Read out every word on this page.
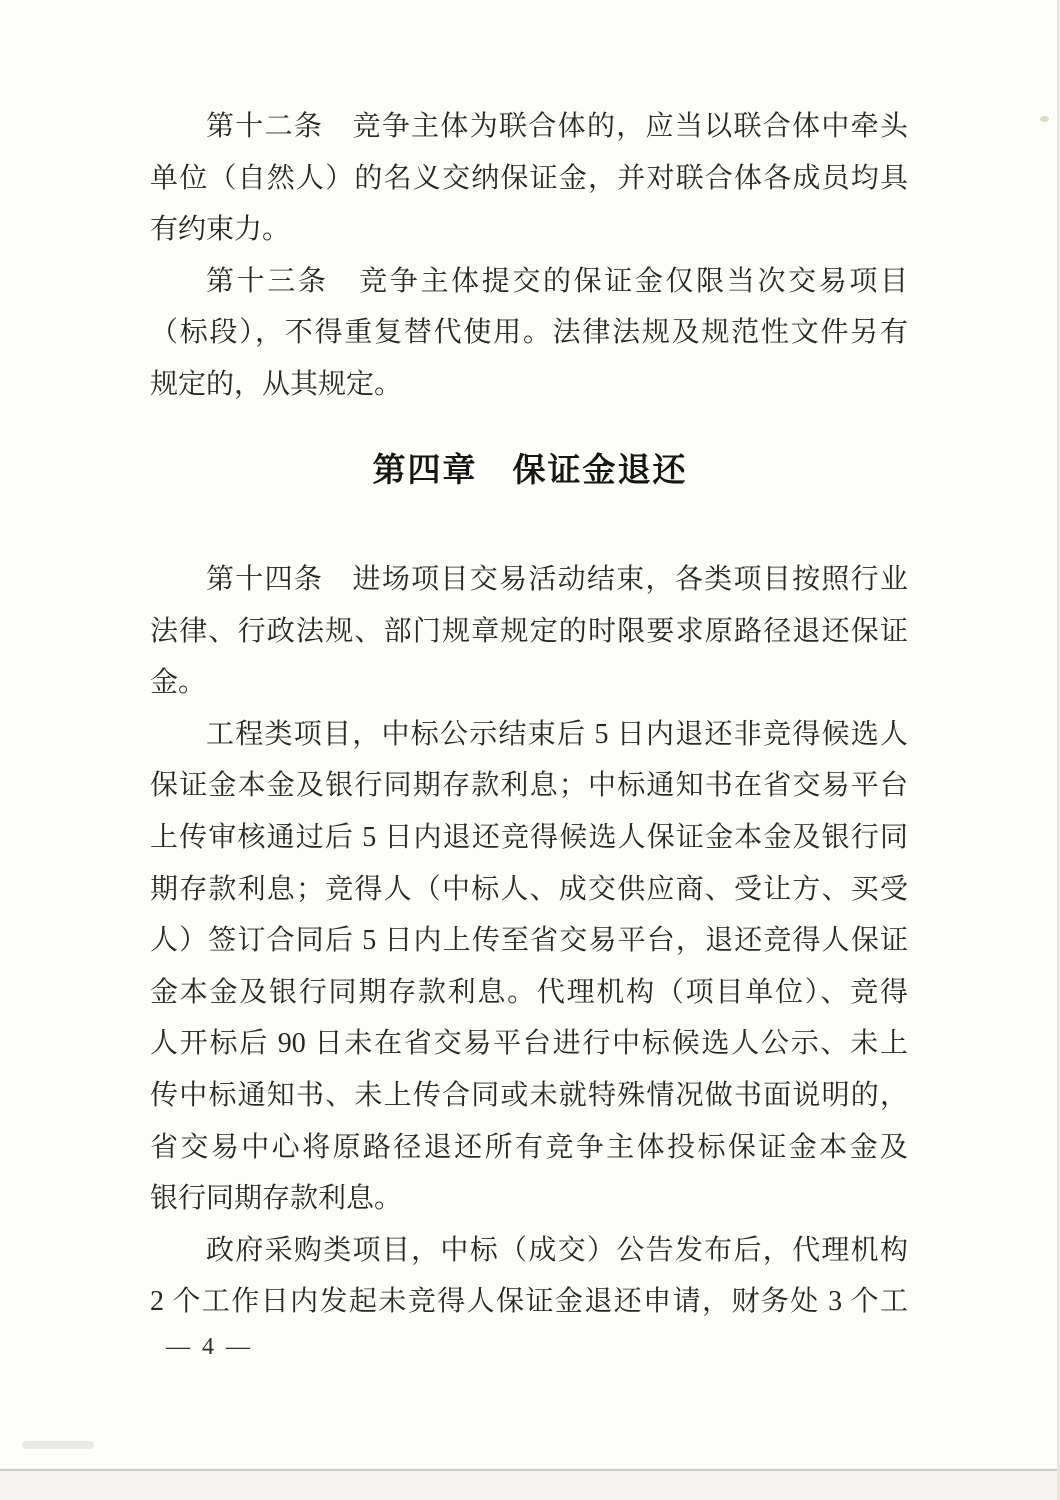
第十二条　竞争主体为联合体的，应当以联合体中牵头

单位（自然人）的名义交纳保证金，并对联合体各成员均具

有约束力。

第十三条　竞争主体提交的保证金仅限当次交易项目

（标段），不得重复替代使用。法律法规及规范性文件另有

规定的，从其规定。

第四章　保证金退还

第十四条　进场项目交易活动结束，各类项目按照行业

法律、行政法规、部门规章规定的时限要求原路径退还保证

金。

工程类项目，中标公示结束后 5 日内退还非竞得候选人

保证金本金及银行同期存款利息；中标通知书在省交易平台

上传审核通过后 5 日内退还竞得候选人保证金本金及银行同

期存款利息；竞得人（中标人、成交供应商、受让方、买受

人）签订合同后 5 日内上传至省交易平台，退还竞得人保证

金本金及银行同期存款利息。代理机构（项目单位）、竞得

人开标后 90 日未在省交易平台进行中标候选人公示、未上

传中标通知书、未上传合同或未就特殊情况做书面说明的，

省交易中心将原路径退还所有竞争主体投标保证金本金及

银行同期存款利息。

政府采购类项目，中标（成交）公告发布后，代理机构

2 个工作日内发起未竞得人保证金退还申请，财务处 3 个工

— 4 —
